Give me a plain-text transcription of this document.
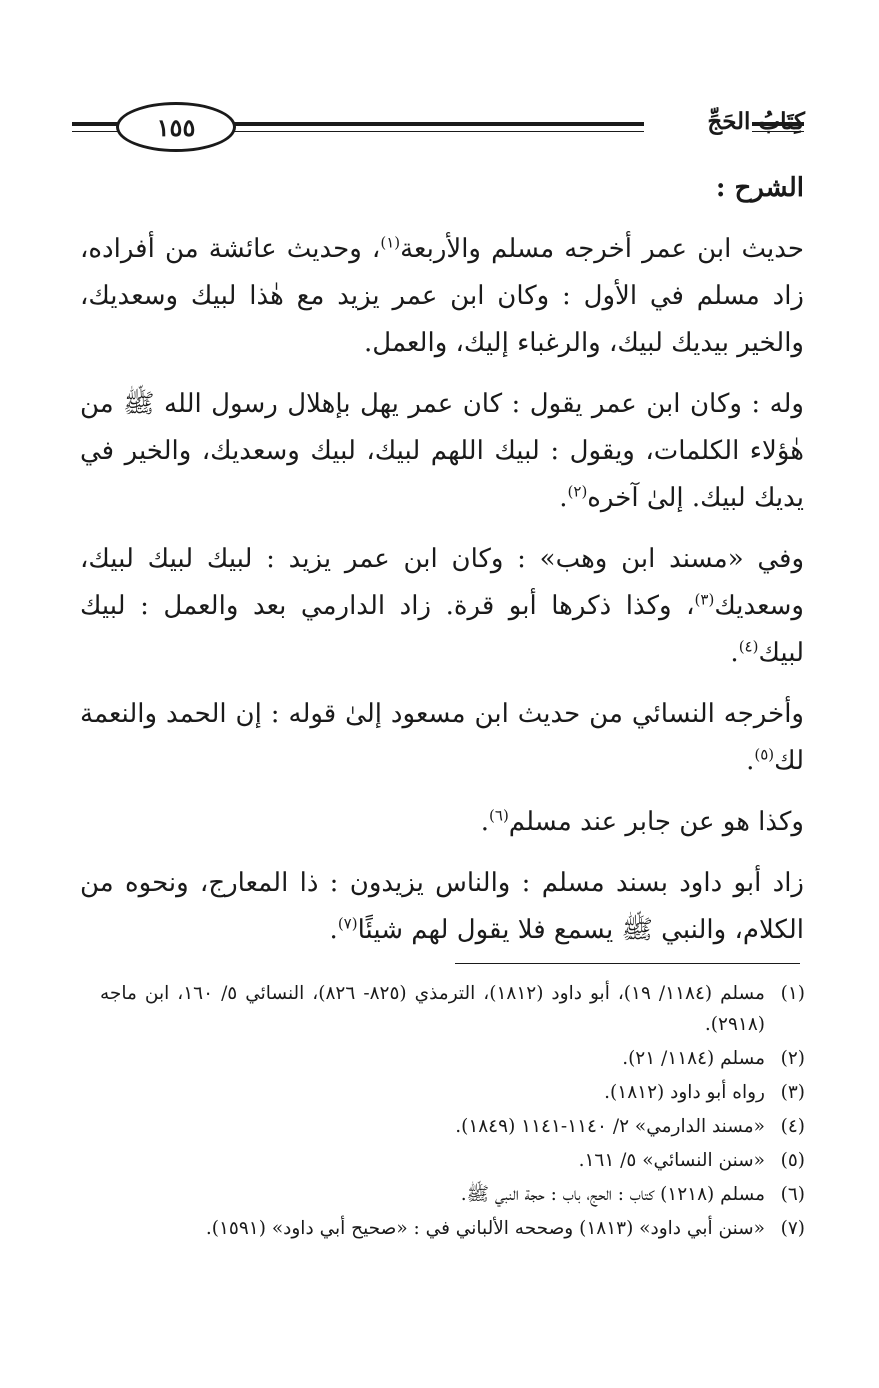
١٥٥	كِتَابُ الحَجِّ

الشرح :

حديث ابن عمر أخرجه مسلم والأربعة$^{(١)}$، وحديث عائشة من أفراده، زاد مسلم في الأول : وكان ابن عمر يزيد مع هٰذا لبيك وسعديك، والخير بيديك لبيك، والرغباء إليك، والعمل.

وله : وكان ابن عمر يقول : كان عمر يهل بإهلال رسول الله ﷺ من هٰؤلاء الكلمات، ويقول : لبيك اللهم لبيك، لبيك وسعديك، والخير في يديك لبيك. إلىٰ آخره$^{(٢)}$.

وفي «مسند ابن وهب» : وكان ابن عمر يزيد : لبيك لبيك لبيك، وسعديك$^{(٣)}$، وكذا ذكرها أبو قرة. زاد الدارمي بعد والعمل : لبيك لبيك$^{(٤)}$.

وأخرجه النسائي من حديث ابن مسعود إلىٰ قوله : إن الحمد والنعمة لك$^{(٥)}$.

وكذا هو عن جابر عند مسلم$^{(٦)}$.

زاد أبو داود بسند مسلم : والناس يزيدون : ذا المعارج، ونحوه من الكلام، والنبي ﷺ يسمع فلا يقول لهم شيئًا$^{(٧)}$.

(١)
مسلم (١١٨٤/ ١٩)، أبو داود (١٨١٢)، الترمذي (٨٢٥- ٨٢٦)، النسائي ٥/ ١٦٠، ابن ماجه (٢٩١٨).
(٢)
مسلم (١١٨٤/ ٢١).
(٣)
رواه أبو داود (١٨١٢).
(٤)
«مسند الدارمي» ٢/ ١١٤٠-١١٤١ (١٨٤٩).
(٥)
«سنن النسائي» ٥/ ١٦١.
(٦)
مسلم (١٢١٨) كتاب : الحج، باب : حجة النبي ﷺ.
(٧)
«سنن أبي داود» (١٨١٣) وصححه الألباني في : «صحيح أبي داود» (١٥٩١).
